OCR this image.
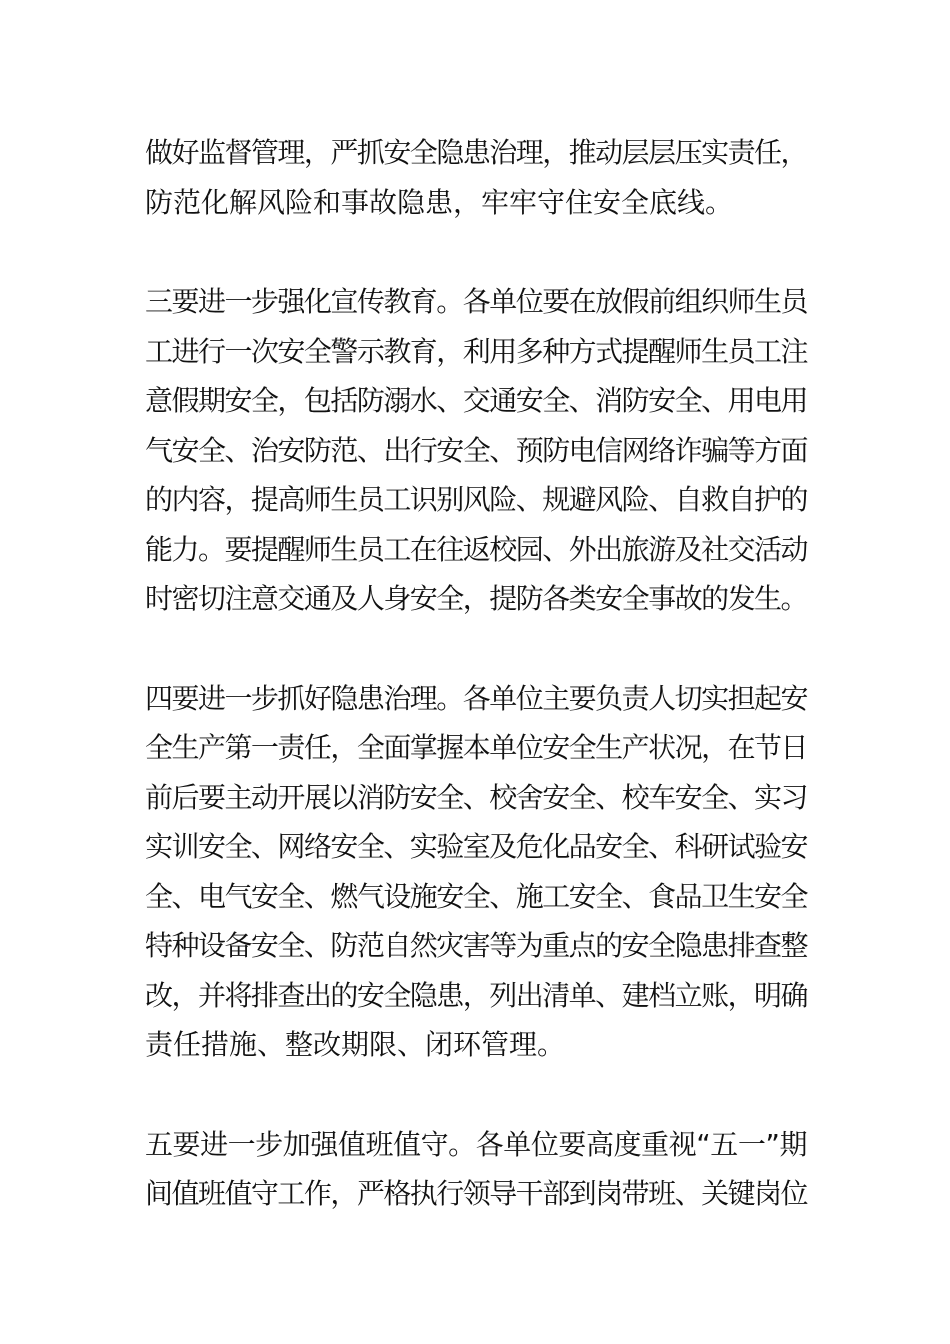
做好监督管理，严抓安全隐患治理，推动层层压实责任，
防范化解风险和事故隐患，牢牢守住安全底线。

三要进一步强化宣传教育。各单位要在放假前组织师生员
工进行一次安全警示教育，利用多种方式提醒师生员工注
意假期安全，包括防溺水、交通安全、消防安全、用电用
气安全、治安防范、出行安全、预防电信网络诈骗等方面
的内容，提高师生员工识别风险、规避风险、自救自护的
能力。要提醒师生员工在往返校园、外出旅游及社交活动
时密切注意交通及人身安全，提防各类安全事故的发生。

四要进一步抓好隐患治理。各单位主要负责人切实担起安
全生产第一责任，全面掌握本单位安全生产状况，在节日
前后要主动开展以消防安全、校舍安全、校车安全、实习
实训安全、网络安全、实验室及危化品安全、科研试验安
全、电气安全、燃气设施安全、施工安全、食品卫生安全
特种设备安全、防范自然灾害等为重点的安全隐患排查整
改，并将排查出的安全隐患，列出清单、建档立账，明确
责任措施、整改期限、闭环管理。

五要进一步加强值班值守。各单位要高度重视“五一”期
间值班值守工作，严格执行领导干部到岗带班、关键岗位
